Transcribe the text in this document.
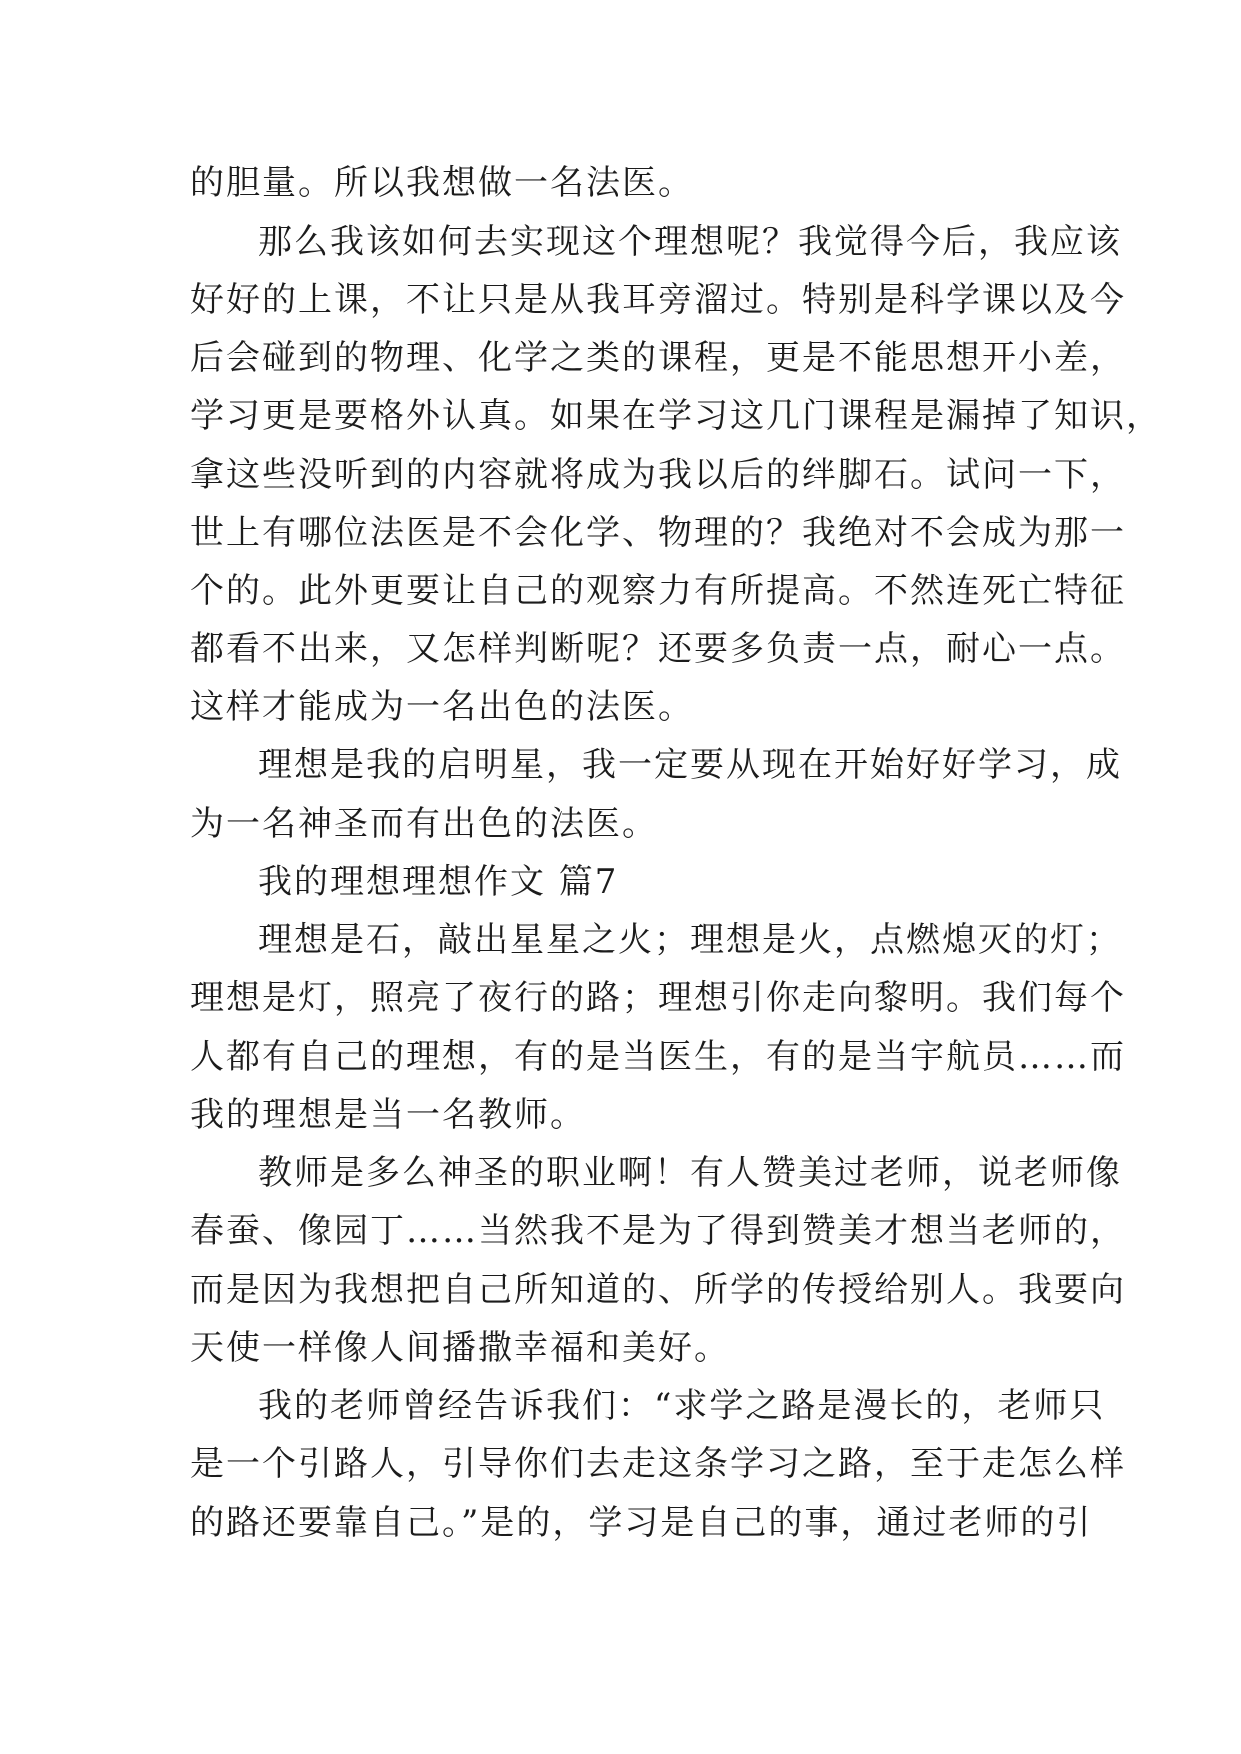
的胆量。所以我想做一名法医。
那么我该如何去实现这个理想呢？我觉得今后，我应该
好好的上课，不让只是从我耳旁溜过。特别是科学课以及今
后会碰到的物理、化学之类的课程，更是不能思想开小差，
学习更是要格外认真。如果在学习这几门课程是漏掉了知识，
拿这些没听到的内容就将成为我以后的绊脚石。试问一下，
世上有哪位法医是不会化学、物理的？我绝对不会成为那一
个的。此外更要让自己的观察力有所提高。不然连死亡特征
都看不出来，又怎样判断呢？还要多负责一点，耐心一点。
这样才能成为一名出色的法医。
理想是我的启明星，我一定要从现在开始好好学习，成
为一名神圣而有出色的法医。
我的理想理想作文 篇7
理想是石，敲出星星之火；理想是火，点燃熄灭的灯；
理想是灯，照亮了夜行的路；理想引你走向黎明。我们每个
人都有自己的理想，有的是当医生，有的是当宇航员……而
我的理想是当一名教师。
教师是多么神圣的职业啊！有人赞美过老师，说老师像
春蚕、像园丁……当然我不是为了得到赞美才想当老师的，
而是因为我想把自己所知道的、所学的传授给别人。我要向
天使一样像人间播撒幸福和美好。
我的老师曾经告诉我们：“求学之路是漫长的，老师只
是一个引路人，引导你们去走这条学习之路，至于走怎么样
的路还要靠自己。”是的，学习是自己的事，通过老师的引
